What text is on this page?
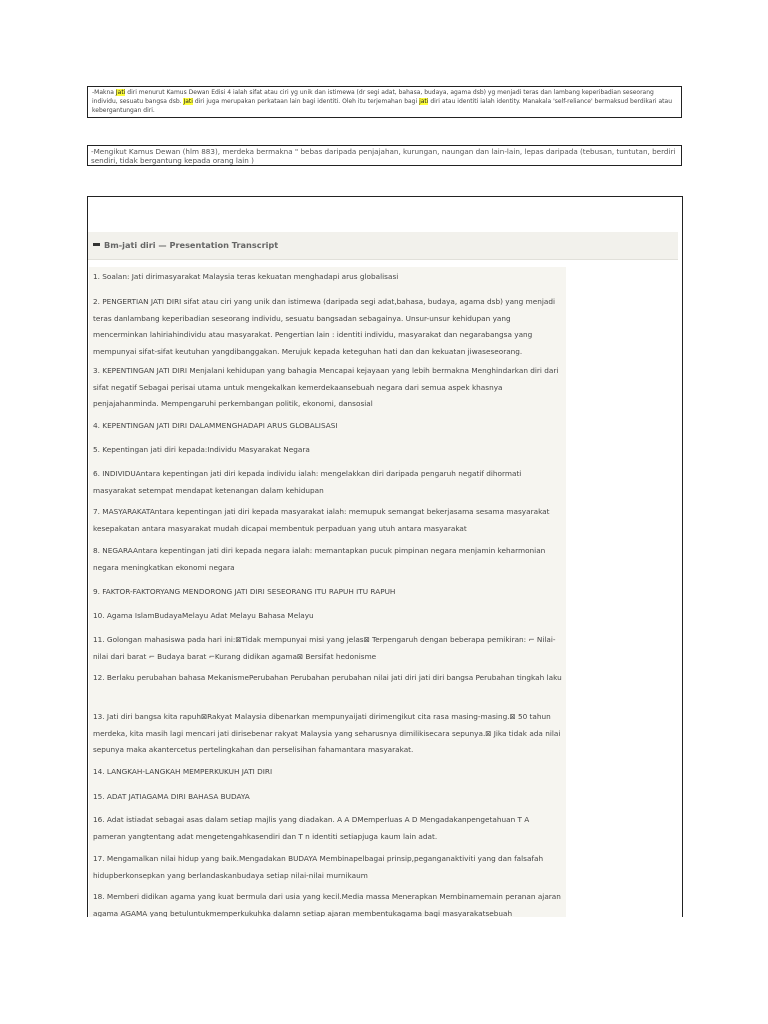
-Makna Jati diri menurut Kamus Dewan Edisi 4 ialah sifat atau ciri yg unik dan istimewa (dr segi adat, bahasa, budaya, agama dsb) yg menjadi teras dan lambang keperibadian seseorang individu, sesuatu bangsa dsb. Jati diri juga merupakan perkataan lain bagi identiti. Oleh itu terjemahan bagi jati diri atau identiti ialah identity. Manakala 'self-reliance' bermaksud berdikari atau kebergantungan diri.
-Mengikut Kamus Dewan (hlm 883), merdeka bermakna " bebas daripada penjajahan, kurungan, naungan dan lain-lain, lepas daripada (tebusan, tuntutan, berdiri sendiri, tidak bergantung kepada orang lain )
Bm-jati diri — Presentation Transcript
1. Soalan: Jati dirimasyarakat Malaysia teras kekuatan menghadapi arus globalisasi
2. PENGERTIAN JATI DIRI sifat atau ciri yang unik dan istimewa (daripada segi adat,bahasa, budaya, agama dsb) yang menjadi teras danlambang keperibadian seseorang individu, sesuatu bangsadan sebagainya. Unsur-unsur kehidupan yang mencerminkan lahiriahindividu atau masyarakat. Pengertian lain : identiti individu, masyarakat dan negarabangsa yang mempunyai sifat-sifat keutuhan yangdibanggakan. Merujuk kepada keteguhan hati dan dan kekuatan jiwaseseorang.
3. KEPENTINGAN JATI DIRI Menjalani kehidupan yang bahagia Mencapai kejayaan yang lebih bermakna Menghindarkan diri dari sifat negatif Sebagai perisai utama untuk mengekalkan kemerdekaansebuah negara dari semua aspek khasnya penjajahanminda. Mempengaruhi perkembangan politik, ekonomi, dansosial
4. KEPENTINGAN JATI DIRI DALAMMENGHADAPI ARUS GLOBALISASI
5. Kepentingan jati diri kepada:Individu Masyarakat Negara
6. INDIVIDUAntara kepentingan jati diri kepada individu ialah: mengelakkan diri daripada pengaruh negatif dihormati masyarakat setempat mendapat ketenangan dalam kehidupan
7. MASYARAKATAntara kepentingan jati diri kepada masyarakat ialah: memupuk semangat bekerjasama sesama masyarakat kesepakatan antara masyarakat mudah dicapai membentuk perpaduan yang utuh antara masyarakat
8. NEGARAAntara kepentingan jati diri kepada negara ialah: memantapkan pucuk pimpinan negara menjamin keharmonian negara meningkatkan ekonomi negara
9. FAKTOR-FAKTORYANG MENDORONG JATI DIRI SESEORANG ITU RAPUH ITU RAPUH
10. Agama IslamBudayaMelayu Adat Melayu Bahasa Melayu
11. Golongan mahasiswa pada hari ini:⊠Tidak mempunyai misi yang jelas⊠ Terpengaruh dengan beberapa pemikiran: ⌐ Nilai-nilai dari barat ⌐ Budaya barat ⌐Kurang didikan agama⊠ Bersifat hedonisme
12. Berlaku perubahan bahasa MekanismePerubahan Perubahan perubahan nilai jati diri jati diri bangsa Perubahan tingkah laku
13. Jati diri bangsa kita rapuh⊠Rakyat Malaysia dibenarkan mempunyaijati dirimengikut cita rasa masing-masing.⊠ 50 tahun merdeka, kita masih lagi mencari jati dirisebenar rakyat Malaysia yang seharusnya dimilikisecara sepunya.⊠ Jika tidak ada nilai sepunya maka akantercetus pertelingkahan dan perselisihan fahamantara masyarakat.
14. LANGKAH-LANGKAH MEMPERKUKUH JATI DIRI
15. ADAT JATIAGAMA DIRI BAHASA BUDAYA
16. Adat istiadat sebagai asas dalam setiap majlis yang diadakan. A A DMemperluas A D Mengadakanpengetahuan T A pameran yangtentang adat mengetengahkasendiri dan T n identiti setiapjuga kaum lain adat.
17. Mengamalkan nilai hidup yang baik.Mengadakan BUDAYA Membinapelbagai prinsip,peganganaktiviti yang dan falsafah hidupberkonsepkan yang berlandaskanbudaya setiap nilai-nilai murnikaum
18. Memberi didikan agama yang kuat bermula dari usia yang kecil.Media massa Menerapkan Membinamemain peranan ajaran agama AGAMA yang betuluntukmemperkukuhka dalamn setiap ajaran membentukagama bagi masyarakatsebuah
